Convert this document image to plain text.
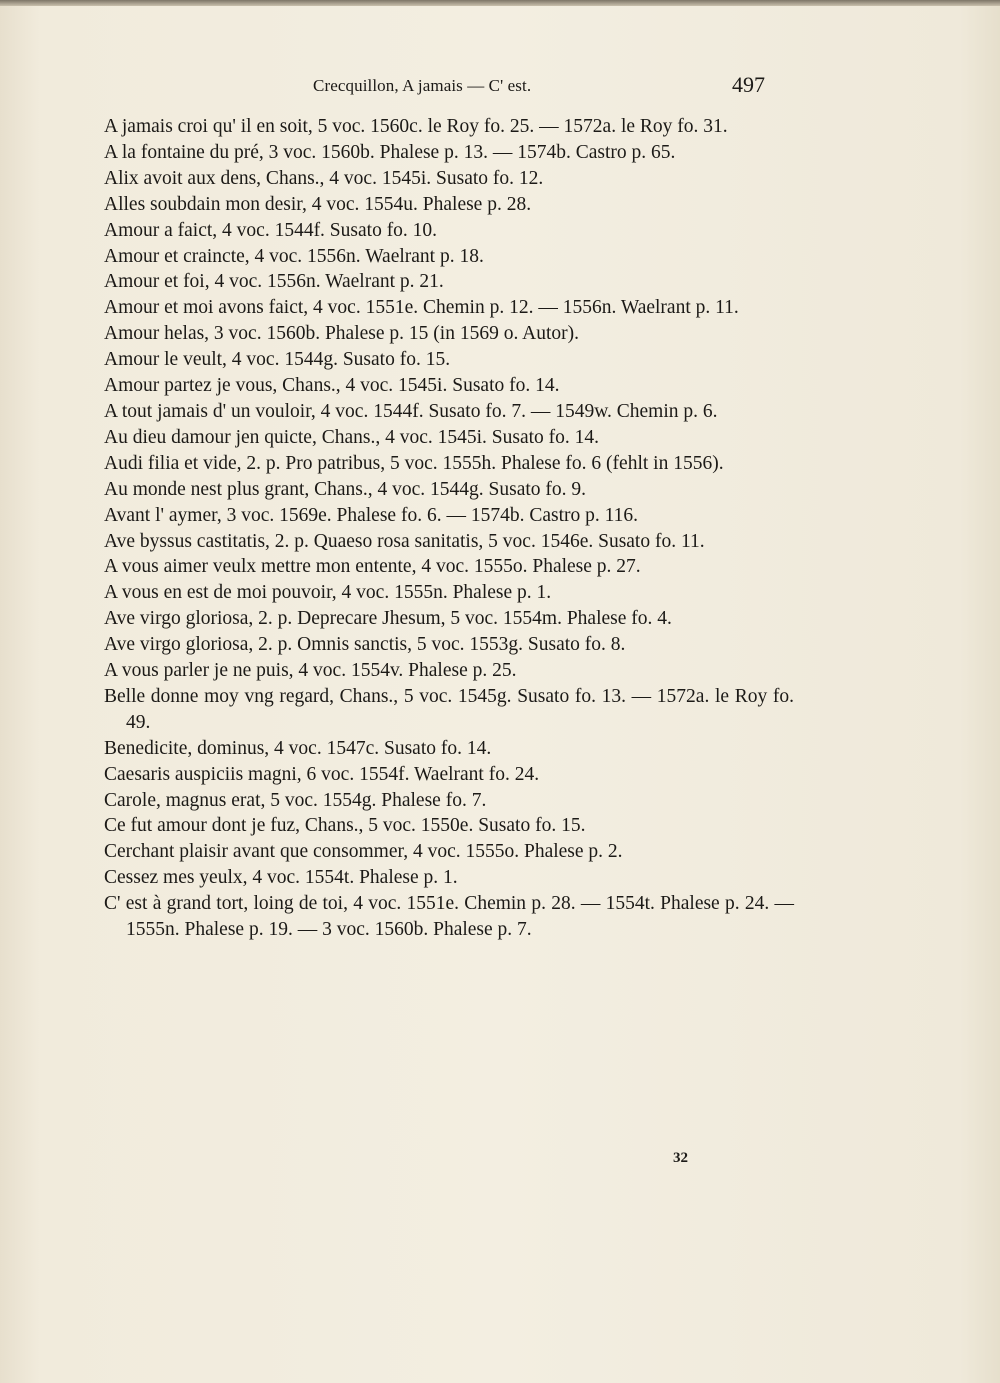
Crecquillon, A jamais — C' est.	497
A jamais croi qu' il en soit, 5 voc. 1560c. le Roy fo. 25. — 1572a. le Roy fo. 31.
A la fontaine du pré, 3 voc. 1560b. Phalese p. 13. — 1574b. Castro p. 65.
Alix avoit aux dens, Chans., 4 voc. 1545i. Susato fo. 12.
Alles soubdain mon desir, 4 voc. 1554u. Phalese p. 28.
Amour a faict, 4 voc. 1544f. Susato fo. 10.
Amour et craincte, 4 voc. 1556n. Waelrant p. 18.
Amour et foi, 4 voc. 1556n. Waelrant p. 21.
Amour et moi avons faict, 4 voc. 1551e. Chemin p. 12. — 1556n. Waelrant p. 11.
Amour helas, 3 voc. 1560b. Phalese p. 15 (in 1569 o. Autor).
Amour le veult, 4 voc. 1544g. Susato fo. 15.
Amour partez je vous, Chans., 4 voc. 1545i. Susato fo. 14.
A tout jamais d' un vouloir, 4 voc. 1544f. Susato fo. 7. — 1549w. Chemin p. 6.
Au dieu damour jen quicte, Chans., 4 voc. 1545i. Susato fo. 14.
Audi filia et vide, 2. p. Pro patribus, 5 voc. 1555h. Phalese fo. 6 (fehlt in 1556).
Au monde nest plus grant, Chans., 4 voc. 1544g. Susato fo. 9.
Avant l' aymer, 3 voc. 1569e. Phalese fo. 6. — 1574b. Castro p. 116.
Ave byssus castitatis, 2. p. Quaeso rosa sanitatis, 5 voc. 1546e. Susato fo. 11.
A vous aimer veulx mettre mon entente, 4 voc. 1555o. Phalese p. 27.
A vous en est de moi pouvoir, 4 voc. 1555n. Phalese p. 1.
Ave virgo gloriosa, 2. p. Deprecare Jhesum, 5 voc. 1554m. Phalese fo. 4.
Ave virgo gloriosa, 2. p. Omnis sanctis, 5 voc. 1553g. Susato fo. 8.
A vous parler je ne puis, 4 voc. 1554v. Phalese p. 25.
Belle donne moy vng regard, Chans., 5 voc. 1545g. Susato fo. 13. — 1572a. le Roy fo. 49.
Benedicite, dominus, 4 voc. 1547c. Susato fo. 14.
Caesaris auspiciis magni, 6 voc. 1554f. Waelrant fo. 24.
Carole, magnus erat, 5 voc. 1554g. Phalese fo. 7.
Ce fut amour dont je fuz, Chans., 5 voc. 1550e. Susato fo. 15.
Cerchant plaisir avant que consommer, 4 voc. 1555o. Phalese p. 2.
Cessez mes yeulx, 4 voc. 1554t. Phalese p. 1.
C' est à grand tort, loing de toi, 4 voc. 1551e. Chemin p. 28. — 1554t. Phalese p. 24. — 1555n. Phalese p. 19. — 3 voc. 1560b. Phalese p. 7.
32
